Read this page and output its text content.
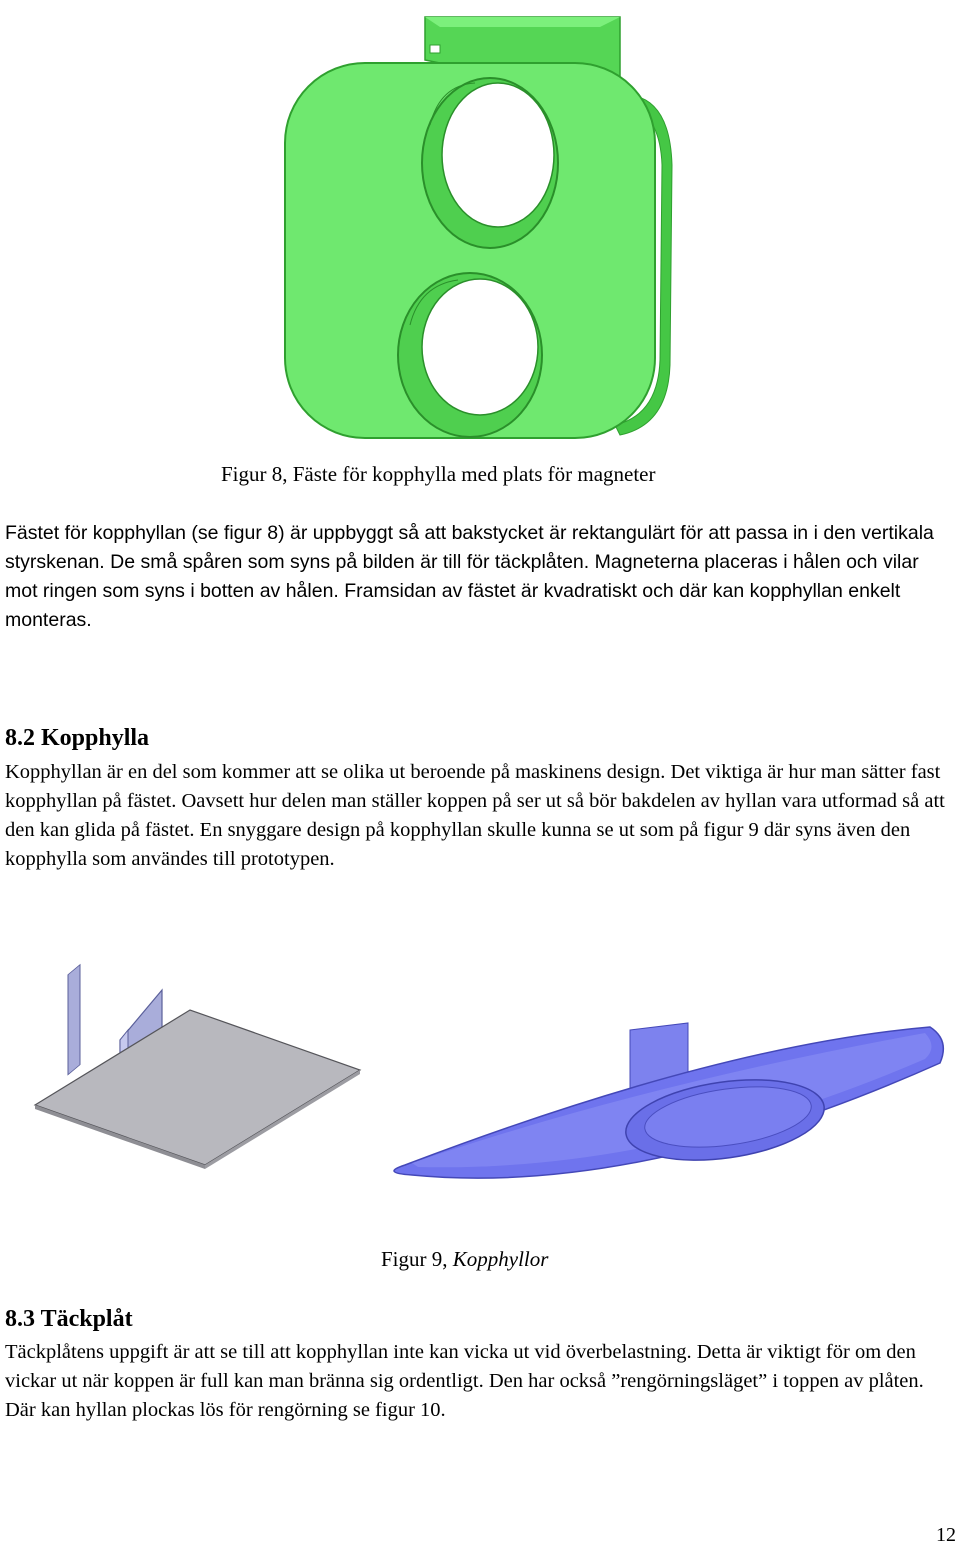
Figur 8, Fäste för kopphylla med plats för magneter

Fästet för kopphyllan (se figur 8) är uppbyggt så att bakstycket är rektangulärt för att passa in i den vertikala styrskenan. De små spåren som syns på bilden är till för täckplåten. Magneterna placeras i hålen och vilar mot ringen som syns i botten av hålen. Framsidan av fästet är kvadratiskt och där kan kopphyllan enkelt monteras.

8.2 Kopphylla

Kopphyllan är en del som kommer att se olika ut beroende på maskinens design. Det viktiga är hur man sätter fast kopphyllan på fästet. Oavsett hur delen man ställer koppen på ser ut så bör bakdelen av hyllan vara utformad så att den kan glida på fästet. En snyggare design på kopphyllan skulle kunna se ut som på figur 9 där syns även den kopphylla som användes till prototypen.

Figur 9, Kopphyllor
8.3 Täckplåt

Täckplåtens uppgift är att se till att kopphyllan inte kan vicka ut vid överbelastning. Detta är viktigt för om den vickar ut när koppen är full kan man bränna sig ordentligt. Den har också ”rengörningsläget” i toppen av plåten. Där kan hyllan plockas lös för rengörning se figur 10.

12
